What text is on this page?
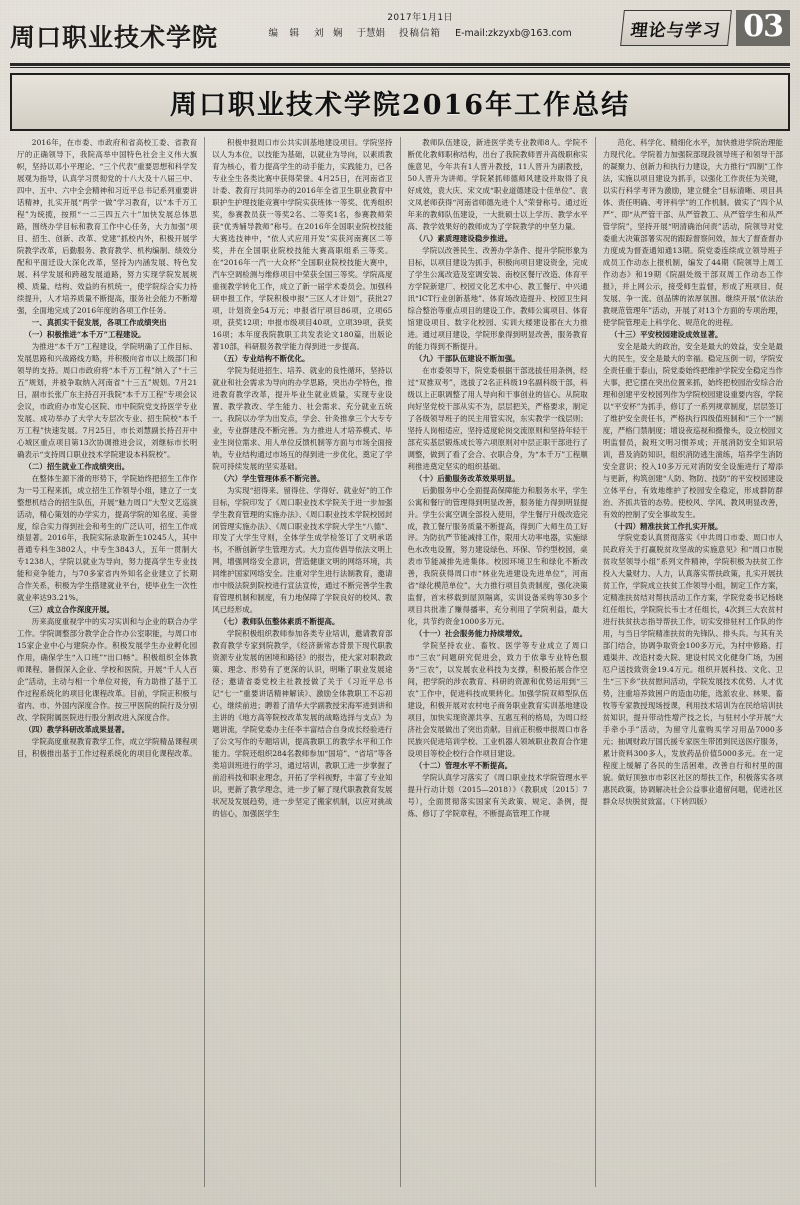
周口职业技术学院
2017年1月1日
编　辑 刘　娴 于慧娟 投稿信箱 E-mail:zkzyxb@163.com	理论与学习 03
周口职业技术学院2016年工作总结

2016年，在市委、市政府和省高校工委、省教育厅的正确领导下，我院高举中国特色社会主义伟大旗帜，坚持以邓小平理论、“三个代表”重要思想和科学发展观为指导，认真学习贯彻党的十八大及十八届三中、四中、五中、六中全会精神和习近平总书记系列重要讲话精神，扎实开展“两学一做”学习教育，以“本千万工程”为统揽，按照“一二三四五六十”加快发展总体思路，围绕办学目标和教育工作中心任务，大力加强“项目、招生、创新、改革、党建”抓校内外，积极开展学院教学改革，后勤服务、教育教学、机构编制、绩效分配和平面迁设大深化改革，坚持为内涵发展、特色发展、科学发展和跨越发展道路，努力实现学院发展规模、质量、结构、效益的有机统一，使学院综合实力持续提升，人才培养质量不断提高，服务社会能力不断增强，全面地完成了2016年度的各项工作任务。

一、真抓实干促发展，各项工作成绩突出

（一）积极推进“本千万”工程建设。

为推进“本千万”工程建设，学院明确了工作目标、发展思路和兴战路线方略，并积极向省市以上级部门和领导的支持。周口市政府将“本千万工程”纳入了“十三五”规划，并被争取纳入河南省“十三五”规划。7月21日，副市长张广东主持召开我院“本千万工程”专项会议会议，市政府办市发心区院、市中院院党支持医学专业发展、成功举办了大学大专层次专业、招生院校“本千万工程”快速发展。7月25日，市长刘慧副长持召开中心城区重点项目第13次协调推进会议，刘继标市长明确表示“支持周口职业技术学院建设本科院校”。

（二）招生就业工作成绩突出。

在整体生源下滑的形势下，学院始终把招生工作作为一号工程来抓，成立招生工作领导小组，建立了一支整想机结合的招生队伍，开展“魅力周口”大型文艺巡演活动，精心策划的办学实力，提高学院的知名度、美誉度，综合实力得到社会和考生的广泛认可，招生工作成绩显著。2016年，我院实际录取新生10245人，其中普通专科生3802人，中专生3843人，五年一贯制大专1238人，学院以就业为导向，努力提高学生专业技能和竞争能力，与70多家省内外知名企业建立了长期合作关系，积极为学生搭建就业平台，使毕业生一次性就业率达93.21%。

（三）成立合作深度开展。

历来高度重视学中的实习实训和与企业的联合办学工作。学院调整部分教学企合作办公室职能，与周口市15家企业中心与建院办作。积极发展学生办业孵化园作用，确保学生“入口班”“出口畅”。积极组织全体教师课程、暑假深入企业、学校和医院，开展“千人人百企”活动，主动与相一个单位对接，有力助推了基于工作过程系统化的项目化课程改革。目前，学院正积极与省内、市、外国内深度合作。按三甲医院的院行及分别改、学院附属医院进行股分割改进入深度合作。

（四）教学科研改革成果显著。

学院高度重视教育教学工作，成立学院精品课程项目，积极推出基于工作过程系统化的项目化课程改革。

积极申报周口市公共实训基地建设项目。学院坚持以人为本位，以技能为基础，以就业为导向，以素质教育为核心，着力提高学生的动手能力，实践能力，已各专业全生各类比赛中获得荣誉。4月25日，在河南省卫计委、教育厅共同举办的2016年全省卫生职业教育中职护生护理技能竞赛中学院实获班体一等奖、优秀组织奖，参赛教员获一等奖2名、二等奖1名，参赛教师荣获“优秀辅导教师”称号。在2016年全国职业院校技能大赛选技神中，“依人式应用开发”实获河南赛区二等奖，并在全国职业院校技能大赛高职组系三等奖。在“2016年一汽一大众杯”全国职业院校技能大赛中，汽车空调检测与维修项目中荣获全国三等奖。学院高度重视教学转化工作，成立了新一届学术委员会。加强科研申报工作，学院积极申报“三区人才计划”，获批27项，计划资金54万元；申报省厅项目86项，立项65项，获奖12项；申报市级项目40项，立项39项，获奖16项；本年度我院教职工共发表论文180篇，出版论著10部，科研服务教学能力得到进一步提高。

（五）专业结构不断优化。

学院为促进招生、培养、就业的良性循环，坚持以就业和社会需求为导向的办学思路，突出办学特色，推进教育教学改革，提升毕业生就业质量，实现专业设置、教学教改、学生能力、社会需求、充分就业五统一。我院以办学为出发点，学会、针灸推拿三个大专专业，专业群建没不断完善。为力推进人才培养模式、毕业生岗位需求、用人单位反馈机制等方面与市场全面接轨，专业结构通过市场互的得到进一步优化，奠定了学院可持续发展的坚实基础。

（六）学生管理体系不断完善。

为实现“招得来、留得住、学得好、就业好”的工作目标，学院印发了《周口职业技术学院关于进一步加强学生教育管理的实施办法》、《周口职业技术学院校园封闭管理实施办法》、《周口职业技术学院大学生“八德”、印发了大学生守则，全体学生成学检签订了文明承诺书，不断创新学生管理方式。大力宣传倡导依法文明上网，增强网络安全意识，营造健康文明的网络环境，共同维护国家网络安全。注重对学生进行法制教育，邀请市中级法院到院校进行宣法宣传，通过不断完善学生教育管理机制和制度，有力地保障了学院良好的校风、教风已经形成。

（七）教师队伍整体素质不断提高。

学院积极组织教师参加各类专业培训，邀请教育部教育教学专家到院教学，《经济新常态背景下现代职教资源专业发展的困境和路径》的报告，使大家对职教政策、理念、形势有了更深的认识，明晰了职业发展途径；邀请省委党校主社教授做了关于《习近平总书记“七一”重要讲话精神解读》、激励全体教职工不忘初心，继续前进；聘着了清华大学副教授宋海军进到讲和主讲的《地方高等院校改革发展的战略选择与支点》为题讲流，学院党委办主任李丰富结合自身成长经验进行了公文写作的专题培训，提高教职工的教学水平和工作能力。学院还组织284名教师参加“国培”、“省培”等各类培训班进行的学习，通过培训，教职工进一步掌握了前沿科技和职业理念，开拓了学科视野，丰富了专业知识，更新了教学理念，进一步了解了现代职教教育发展状况及发展趋势，进一步坚定了搬家机制，以应对挑战的信心，加强医学生

教师队伍建设，新进医学类专业教师8人。学院不断优化教师职称结构，出台了我院教师晋升高级职称实施意见，今年共有1人晋升教授，11人晋升为副教授，50人晋升为讲师。学院紧抓师德师风建设并取得了良好成效，袁大庆、宋文成“职业道德建设十佳单位”、袁文凤老师获得“河南省师德先进个人”荣誉称号。通过近年来的教师队伍建设，一大批硕士以上学历、教学水平高、教学效果好的教师成为了学院教学的中坚力量。

（八）素质理建设稳步推进。

学院以改善民生、改善办学条件、提升学院形象为目标，以项目建设为抓手，积极向项目建设资金，完成了学生公寓改造及室调安装、南校区餐厅改造、体育平方学院新建厂、校园文化艺术中心、教工餐厅、中兴通讯“ICT行业创新基地”、体育场改造提升、校园卫生间综合整治等重点项目的建设工作。教师公寓项目、体育馆建设项目、数字化校园、实训大楼建设都在大力推进。通过项目建设，学院形象得到明显改善，服务教育的能力得到不断提升。

（九）干部队伍建设不断加强。

在市委领导下，院党委根据干部选拔任用条例，经过“双推双考”，选拔了2名正科级19名副科级干部，科级以上正职调整了用人导向和干事创业的信心。从院取向好坚党校干部从实不为，层层把关，严格要求，制定了各级领导班子的民主用管实况，东实教学一线层则；坚持人岗相适应，坚持适度轮岗交流原则和坚持年轻干部充实基层锻炼成长等六项原则对中层正职干部进行了调整，做到了看了会合、衣职合身，为“本千万”工程顺利推进奠定坚实的组织基础。

（十）后勤服务改革效果明显。

后勤服务中心全面提高保障能力和服务水平，学生公寓和餐厅的管理得到明显改善，服务能力得到明显提升。学生公寓空调全部投入使用，学生餐厅升级改造完成，教工餐厅服务质量不断提高，得到广大师生员工好评。为防抗严节能减排工作，限用大功率电器，实施绿色水改电设置，努力建设绿色、环保、节约型校园，桌表市节能减排先进集体。校园环境卫生和绿化不断改善，我院获得周口市“林业先进建设先进单位”，河南省“绿化模范单位”。大力推行项目负责制度，强化决策监督，首末移载到屋顶隔离，实训设备采购等30多个项目共批准了赚得播率，充分利用了学院利益，最大化，共节约资金1000多万元。

（十一）社会服务能力持续增效。

学院坚持农业、畜牧、医学等专业成立了周口市“三农”问题研究促进会，致力于依靠专业特色服务“三农”，以发展农业科技为支撑，积极拓展合作空间，把学院的涉农教育、科研的资源和优势运用到“三农”工作中，促进科技成果转化。加强学院双师型队伍建设，积极开展对农村电子商务职业教育实训基地建设项目，加快实现资源共享、互惠互利的格局，为周口经济社会发展做出了突出贡献。目前正积极申报周口市各民族兴促进培训学校、工业机器人领域职业教育合作建设项目等校企校行合作项目建设。

（十二）管理水平不断提高。

学院认真学习落实了《周口职业技术学院管理水平提升行动计划（2015—2018）》（教职成〔2015〕7号），全面贯彻落实国家有关政策、规定、条例，提炼、修订了学院章程，不断提高管理工作规

范化、科学化、精细化水平，加快推进学院治理能力现代化。学院着力加强院部现段领导班子和领导干部的凝聚力、创新力和执行力建设，大力推行“四制”工作法，实施以项目建设为抓手，以强化工作责任为关键，以实行科学考评为激励，建立健全“目标清晰、项目具体、责任明确、考评科学”的工作机制。做实了“四个从严”、即“从严管干部、从严管教工、从严管学生和从严管学院”，坚持开展“明清确治问责”活动，院领导对党委重大决策部署实况的跟踪督察问效，加大了督查督办力度成为督查通知通13期。院党委连续成立领导班子成员工作动态上报机制，编发了44期《院领导上周工作动态》和19期《院副处级干部双周工作动态工作报》，并上网公示，接受师生监督，形成了班项目、促发展、争一流、创品牌的浓厚氛围。继续开展“依法治教规范管理年”活动，开展了对13个方面的专项治理，使学院管理走上科学化、规范化的进程。

（十三）平安校园建设成效显著。

安全是最大的政治，安全是最大的效益，安全是最大的民生，安全是最大的幸福。稳定压倒一切，学院安全责任重于泰山，院党委始终把维护学院安全稳定当作大事，把它摆在突出位置来抓，始终把校园治安综合治理和创建平安校园列作为学院校园建设重要内容，学院以“平安杯”为抓手，修订了一系列规章制度，层层签订了维护安全责任书，严格执行四级值班制和“三个一”制度，严格门禁制度；增设夜巡视和摄像头，设立校园文明监督员，銳班文明习惯养成；开展消防安全知识培训，普及消防知识，组织消防逃生演练，培养学生消防安全意识；投入10多万元对消防安全设施进行了增添与更新，构筑创建“人防、物防、技防”的平安校园建设立体平台，有效地维护了校园安全稳定，形成群防群治、齐抓共管的态势。使校风、学风、教风明显改善，有效的控制了安全事故发生。

（十四）精准扶贫工作扎实开展。

学院党委认真贯彻落实《中共周口市委、周口市人民政府关于打赢脱贫攻坚战的实施意见》和“周口市脱贫攻坚领导小组”系列文件精神，学院积极为扶贫工作投入大量财力、人力，认真落实帮扶政策，扎实开展扶贫工作，学院成立扶贫工作领导小组，制定工作方案，定精准扶贫结对帮扶活动工作方案，学院党委书记杨晓红任组长，学院院长韦士才任组长，4次到三大农贫村进行扶贫扶志指导帮扶工作，切实安排驻村工作队的作用，与当日学院精准扶贫的先锋队、排头兵。与其有关部门结合，协调争取资金100多万元，为村中修路、打通渠井、改造村委大院、建设村民文化健身广场，为困厄户送技致资金19.4万元。组织开展科技、文化、卫生“三下乡”扶贫慰问活动，学院发展技术优势、人才优势，注重培养致困户的造血功能，选派农业、林果、畜牧等专家教授现场授课，利用技术培训为在民给培训扶贫知识，提升带动性增产技之长，与驻村小学开展“大手牵小手”活动，为留守儿童购买学习用品7000多元；抽调财政厅国氏援专家医生带团到民送医疗服务，累计资料300多人，发放药品价值5000多元。在一定程度上缓解了各民的生活困难，改善自行和村里的面貌。做好顶独市市彩区社区的帮扶工作，积极落实各项惠民政策，协调解决社会公益事业遗留问题，促进社区群众尽快脱贫致富。（下转四版）
